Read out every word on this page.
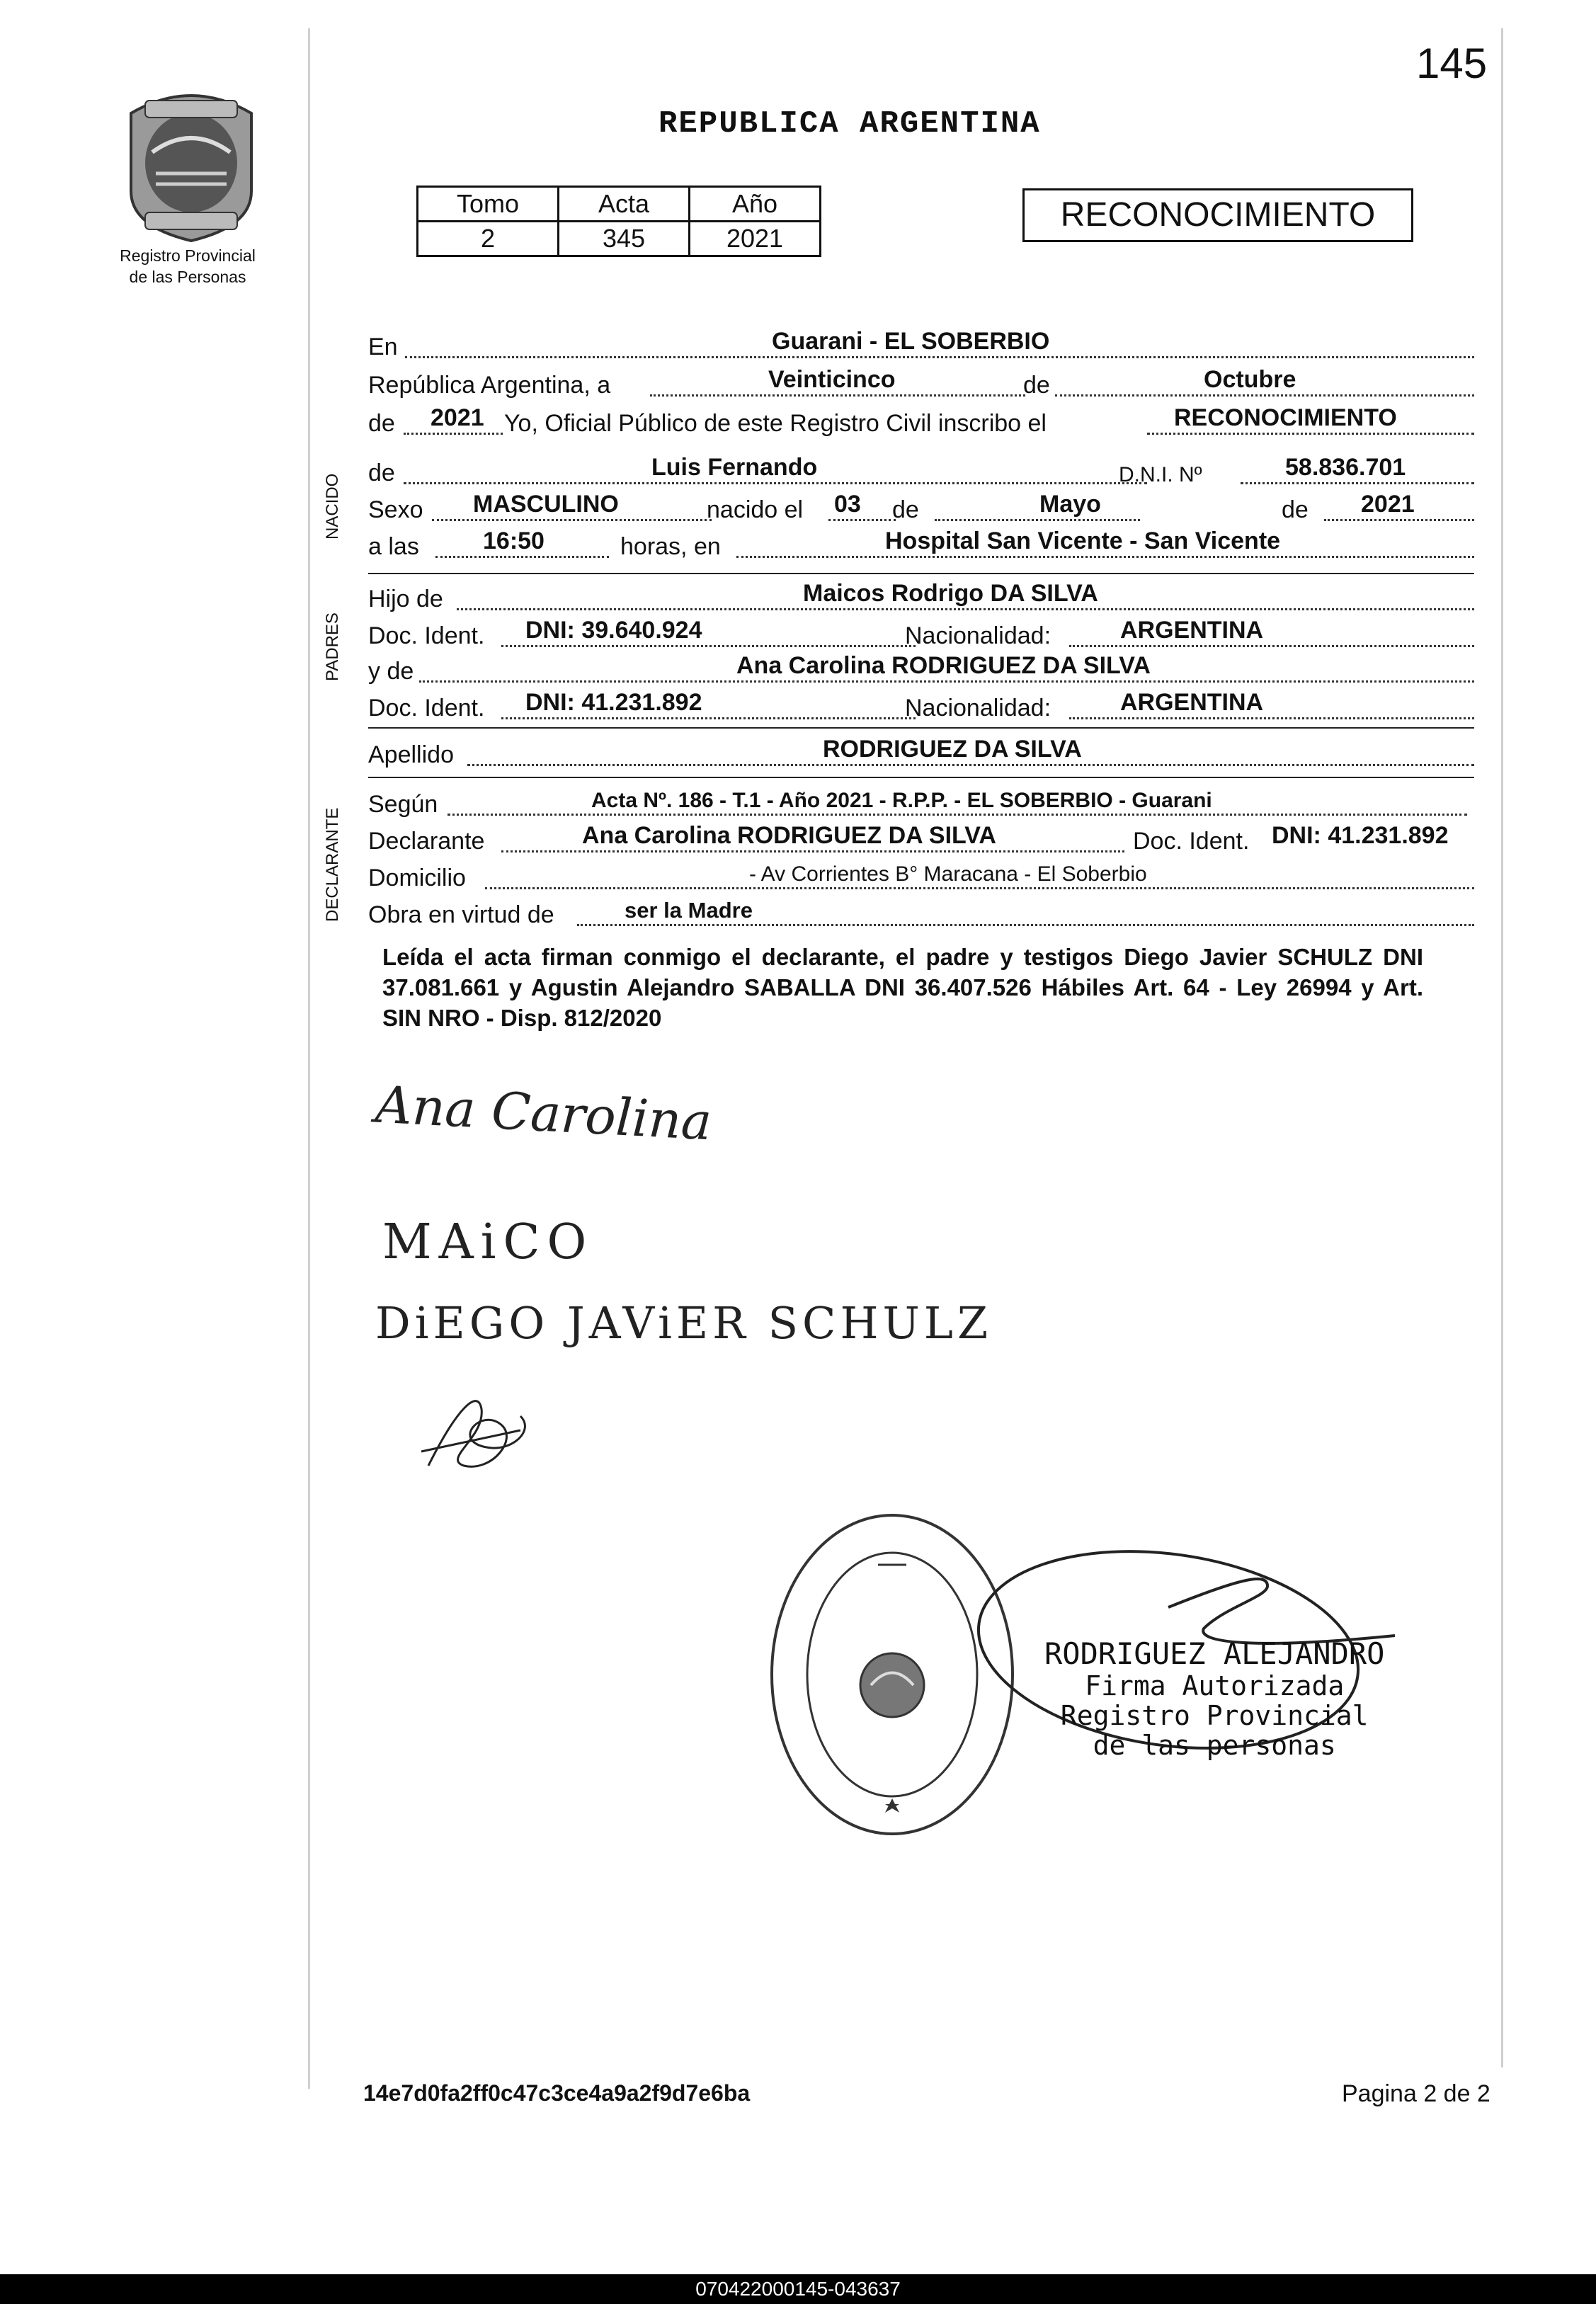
145
Registro Provincial
de las Personas
REPUBLICA ARGENTINA
Tomo	Acta	Año
2	345	2021
RECONOCIMIENTO
NACIDO
PADRES
DECLARANTE
En	Guarani - EL SOBERBIO
República Argentina, a	Veinticinco	de	Octubre
de 2021 Yo, Oficial Público de este Registro Civil inscribo el	RECONOCIMIENTO
de	Luis Fernando	D.N.I. Nº	58.836.701
Sexo MASCULINO	nacido el 03 de	Mayo	de 2021
a las	16:50	horas, en	Hospital San Vicente - San Vicente
Hijo de	Maicos Rodrigo DA SILVA
Doc. Ident. DNI: 39.640.924	Nacionalidad:	ARGENTINA
y de	Ana Carolina RODRIGUEZ DA SILVA
Doc. Ident. DNI: 41.231.892	Nacionalidad:	ARGENTINA
Apellido	RODRIGUEZ DA SILVA
Según	Acta Nº. 186 - T.1 - Año 2021 - R.P.P. - EL SOBERBIO - Guarani
Declarante	Ana Carolina RODRIGUEZ DA SILVA	Doc. Ident. DNI: 41.231.892
Domicilio	- Av Corrientes B° Maracana - El Soberbio
Obra en virtud de	ser la Madre
Leída el acta firman conmigo el declarante, el padre y testigos Diego Javier SCHULZ DNI 37.081.661 y Agustin Alejandro SABALLA DNI 36.407.526 Hábiles Art. 64 - Ley 26994 y Art. SIN NRO - Disp. 812/2020
Ana Carolina
MAiCO
DiEGO JAViER SCHULZ
RODRIGUEZ ALEJANDRO
Firma Autorizada
Registro Provincial
de las personas
14e7d0fa2ff0c47c3ce4a9a2f9d7e6ba	Pagina 2 de 2
070422000145-043637
